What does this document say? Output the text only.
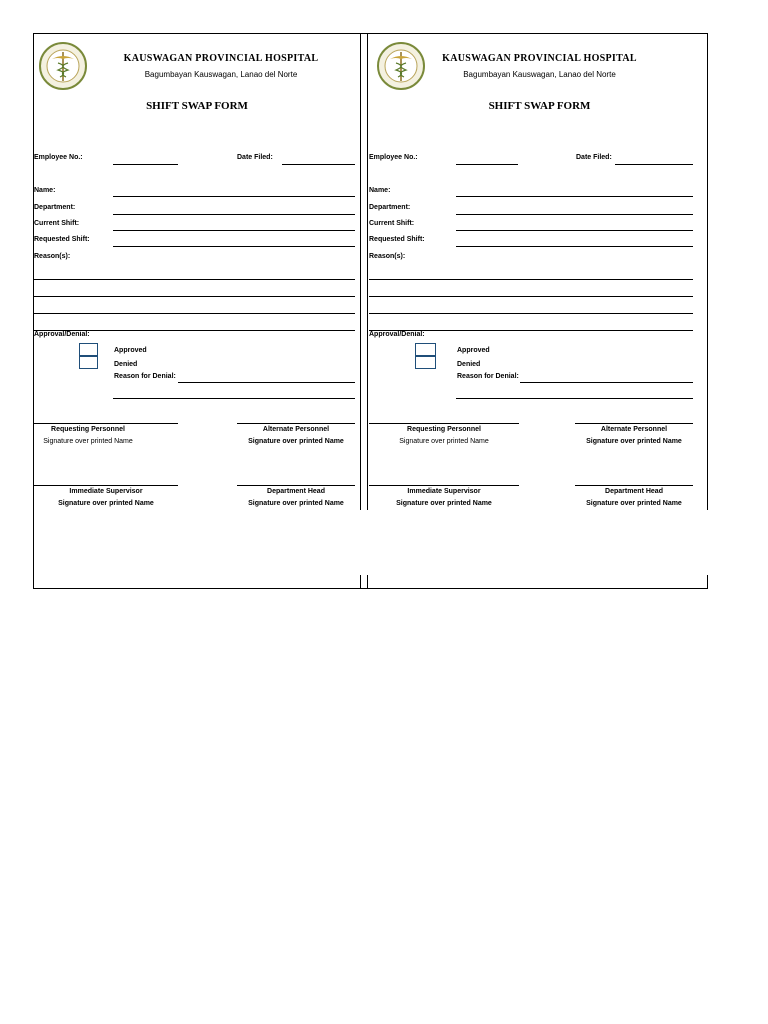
KAUSWAGAN PROVINCIAL HOSPITAL
Bagumbayan Kauswagan, Lanao del Norte
SHIFT SWAP FORM
Employee No.:	Date Filed:
Name:
Department:
Current Shift:
Requested Shift:
Reason(s):
Approval/Denial:
Approved
Denied
Reason for Denial:
Requesting Personnel	Alternate Personnel
Signature over printed Name	Signature over printed Name
Immediate Supervisor	Department Head
Signature over printed Name	Signature over printed Name
KAUSWAGAN PROVINCIAL HOSPITAL
Bagumbayan Kauswagan, Lanao del Norte
SHIFT SWAP FORM
Employee No.:	Date Filed:
Name:
Department:
Current Shift:
Requested Shift:
Reason(s):
Approval/Denial:
Approved
Denied
Reason for Denial:
Requesting Personnel	Alternate Personnel
Signature over printed Name	Signature over printed Name
Immediate Supervisor	Department Head
Signature over printed Name	Signature over printed Name
